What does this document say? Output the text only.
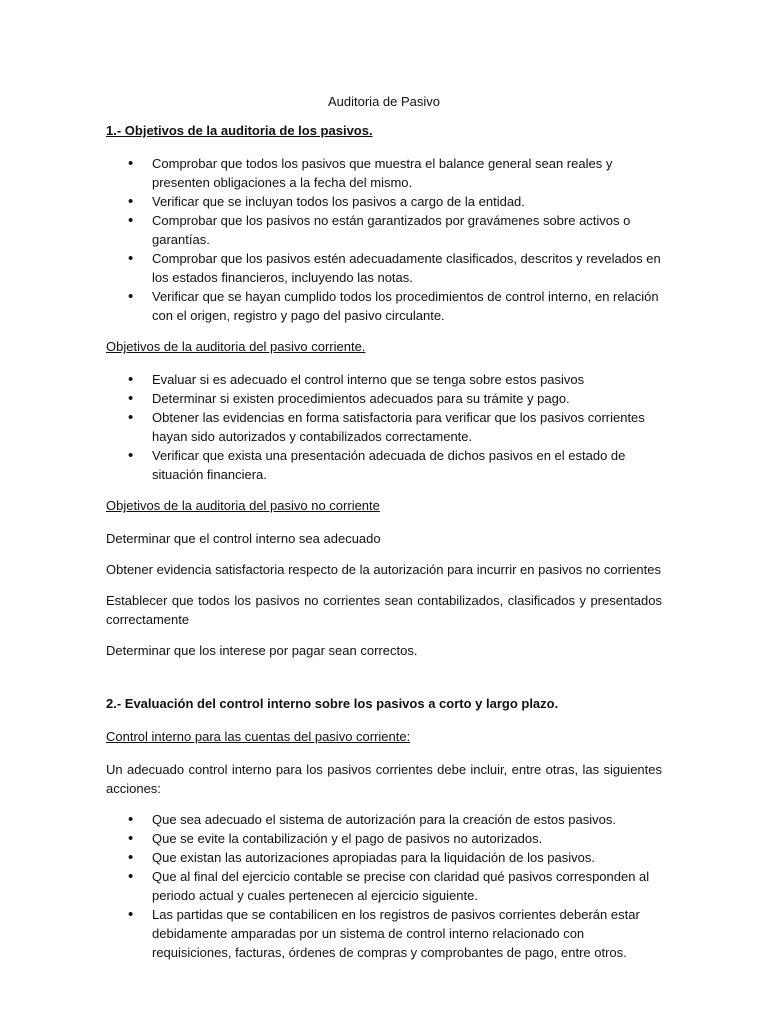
Auditoria de Pasivo
1.- Objetivos de la auditoria de los pasivos.
• Comprobar que todos los pasivos que muestra el balance general sean reales y presenten obligaciones a la fecha del mismo.
• Verificar que se incluyan todos los pasivos a cargo de la entidad.
• Comprobar que los pasivos no están garantizados por gravámenes sobre activos o garantías.
• Comprobar que los pasivos estén adecuadamente clasificados, descritos y revelados en los estados financieros, incluyendo las notas.
• Verificar que se hayan cumplido todos los procedimientos de control interno, en relación con el origen, registro y pago del pasivo circulante.
Objetivos de la auditoria del pasivo corriente.
• Evaluar si es adecuado el control interno que se tenga sobre estos pasivos
• Determinar si existen procedimientos adecuados para su trámite y pago.
• Obtener las evidencias en forma satisfactoria para verificar que los pasivos corrientes hayan sido autorizados y contabilizados correctamente.
• Verificar que exista una presentación adecuada de dichos pasivos en el estado de situación financiera.
Objetivos de la auditoria del pasivo no corriente

Determinar que el control interno sea adecuado

Obtener evidencia satisfactoria respecto de la autorización para incurrir en pasivos no corrientes

Establecer que todos los pasivos no corrientes sean contabilizados, clasificados y presentados correctamente

Determinar que los interese por pagar sean correctos.

2.- Evaluación del control interno sobre los pasivos a corto y largo plazo.
Control interno para las cuentas del pasivo corriente:

Un adecuado control interno para los pasivos corrientes debe incluir, entre otras, las siguientes acciones:

• Que sea adecuado el sistema de autorización para la creación de estos pasivos.
• Que se evite la contabilización y el pago de pasivos no autorizados.
• Que existan las autorizaciones apropiadas para la liquidación de los pasivos.
• Que al final del ejercicio contable se precise con claridad qué pasivos corresponden al periodo actual y cuales pertenecen al ejercicio siguiente.
• Las partidas que se contabilicen en los registros de pasivos corrientes deberán estar debidamente amparadas por un sistema de control interno relacionado con requisiciones, facturas, órdenes de compras y comprobantes de pago, entre otros.
